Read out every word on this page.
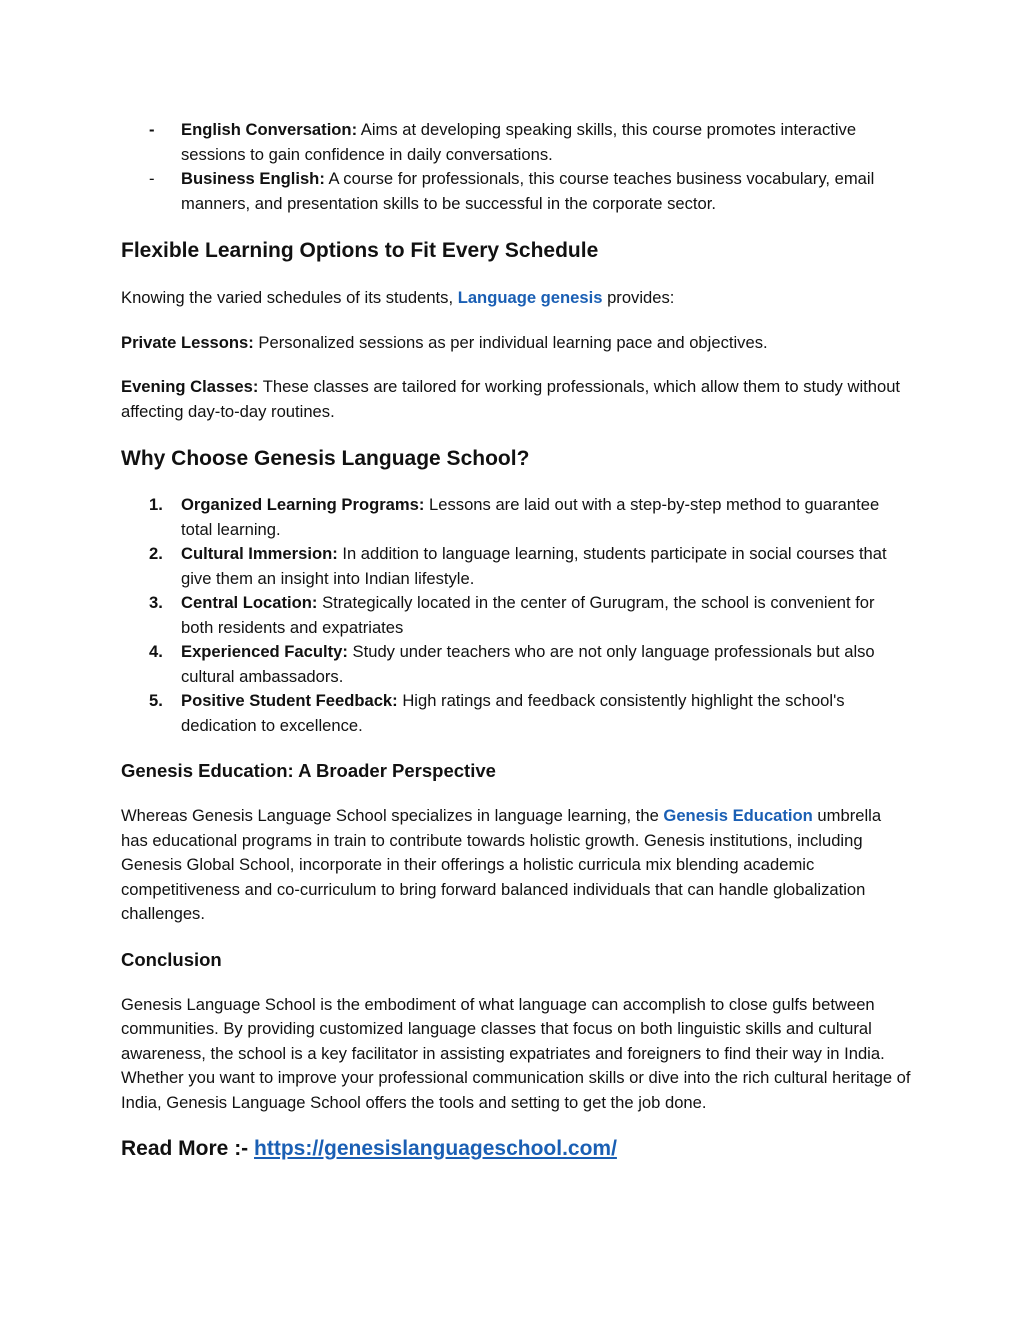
-	English Conversation: Aims at developing speaking skills, this course promotes interactive sessions to gain confidence in daily conversations.
-	Business English: A course for professionals, this course teaches business vocabulary, email manners, and presentation skills to be successful in the corporate sector.
Flexible Learning Options to Fit Every Schedule

Knowing the varied schedules of its students, Language genesis provides:

Private Lessons: Personalized sessions as per individual learning pace and objectives.

Evening Classes: These classes are tailored for working professionals, which allow them to study without affecting day-to-day routines.

Why Choose Genesis Language School?
1.	Organized Learning Programs: Lessons are laid out with a step-by-step method to guarantee total learning.
2.	Cultural Immersion: In addition to language learning, students participate in social courses that give them an insight into Indian lifestyle.
3.	Central Location: Strategically located in the center of Gurugram, the school is convenient for both residents and expatriates
4.	Experienced Faculty: Study under teachers who are not only language professionals but also cultural ambassadors.
5.	Positive Student Feedback: High ratings and feedback consistently highlight the school's dedication to excellence.
Genesis Education: A Broader Perspective

Whereas Genesis Language School specializes in language learning, the Genesis Education umbrella has educational programs in train to contribute towards holistic growth. Genesis institutions, including Genesis Global School, incorporate in their offerings a holistic curricula mix blending academic competitiveness and co-curriculum to bring forward balanced individuals that can handle globalization challenges.

Conclusion

Genesis Language School is the embodiment of what language can accomplish to close gulfs between communities. By providing customized language classes that focus on both linguistic skills and cultural awareness, the school is a key facilitator in assisting expatriates and foreigners to find their way in India. Whether you want to improve your professional communication skills or dive into the rich cultural heritage of India, Genesis Language School offers the tools and setting to get the job done.

Read More :- https://genesislanguageschool.com/
